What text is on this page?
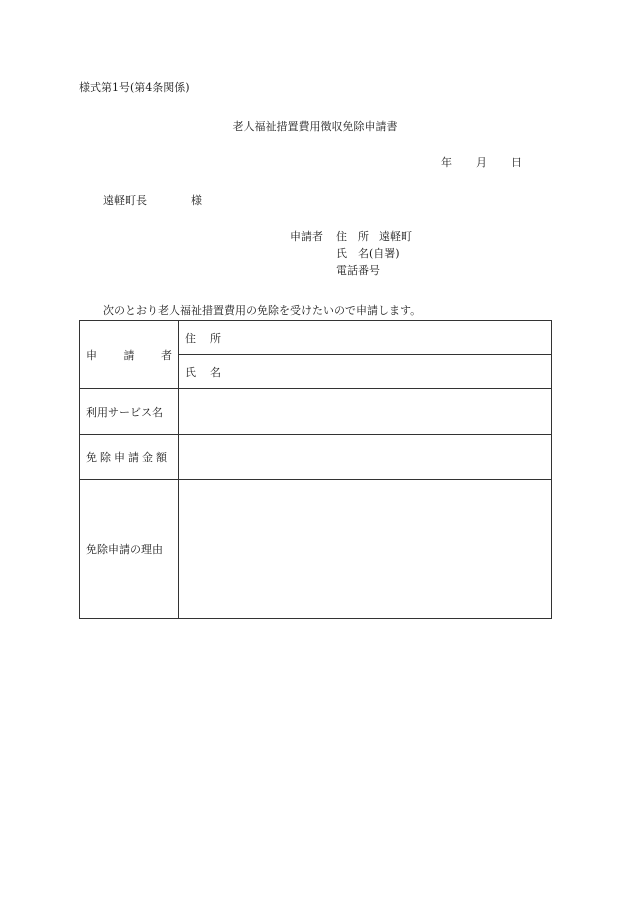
様式第1号(第4条関係)
老人福祉措置費用徴収免除申請書
年 月 日
遠軽町長	様
申請者 住　所 遠軽町
氏　名(自署)
電話番号
次のとおり老人福祉措置費用の免除を受けたいので申請します。
申 請 者	住 所
	氏 名
利用サービス名	
免除申請金額	
免除申請の理由	
